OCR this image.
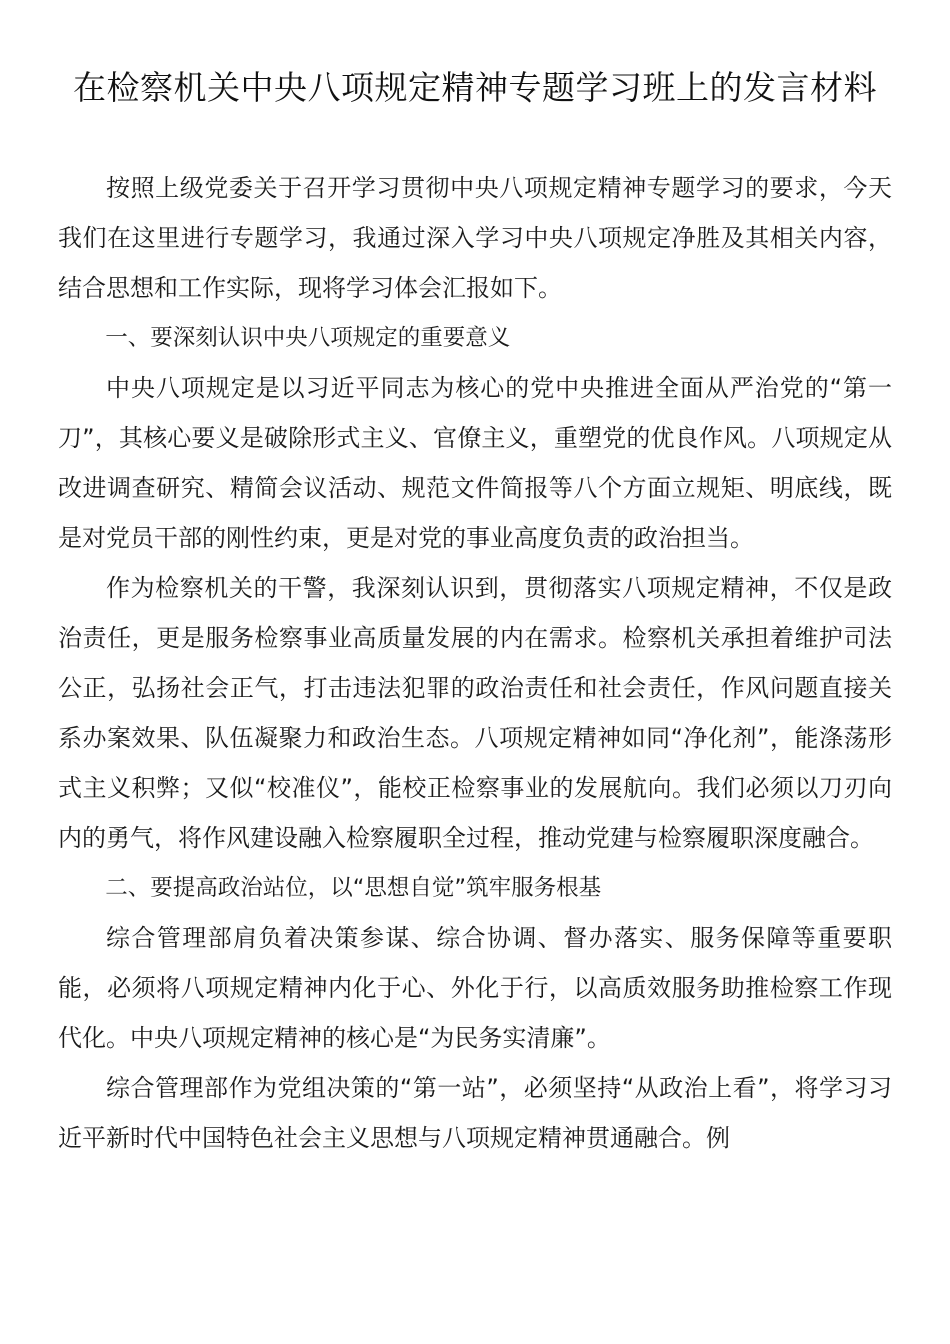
在检察机关中央八项规定精神专题学习班上的发言材料

按照上级党委关于召开学习贯彻中央八项规定精神专题学习的要求，今天我们在这里进行专题学习，我通过深入学习中央八项规定净胜及其相关内容，结合思想和工作实际，现将学习体会汇报如下。

一、要深刻认识中央八项规定的重要意义

中央八项规定是以习近平同志为核心的党中央推进全面从严治党的“第一刀”，其核心要义是破除形式主义、官僚主义，重塑党的优良作风。八项规定从改进调查研究、精简会议活动、规范文件简报等八个方面立规矩、明底线，既是对党员干部的刚性约束，更是对党的事业高度负责的政治担当。

作为检察机关的干警，我深刻认识到，贯彻落实八项规定精神，不仅是政治责任，更是服务检察事业高质量发展的内在需求。检察机关承担着维护司法公正，弘扬社会正气，打击违法犯罪的政治责任和社会责任，作风问题直接关系办案效果、队伍凝聚力和政治生态。八项规定精神如同“净化剂”，能涤荡形式主义积弊；又似“校准仪”，能校正检察事业的发展航向。我们必须以刀刃向内的勇气，将作风建设融入检察履职全过程，推动党建与检察履职深度融合。

二、要提高政治站位，以“思想自觉”筑牢服务根基

综合管理部肩负着决策参谋、综合协调、督办落实、服务保障等重要职能，必须将八项规定精神内化于心、外化于行，以高质效服务助推检察工作现代化。中央八项规定精神的核心是“为民务实清廉”。

综合管理部作为党组决策的“第一站”，必须坚持“从政治上看”，将学习习近平新时代中国特色社会主义思想与八项规定精神贯通融合。例
